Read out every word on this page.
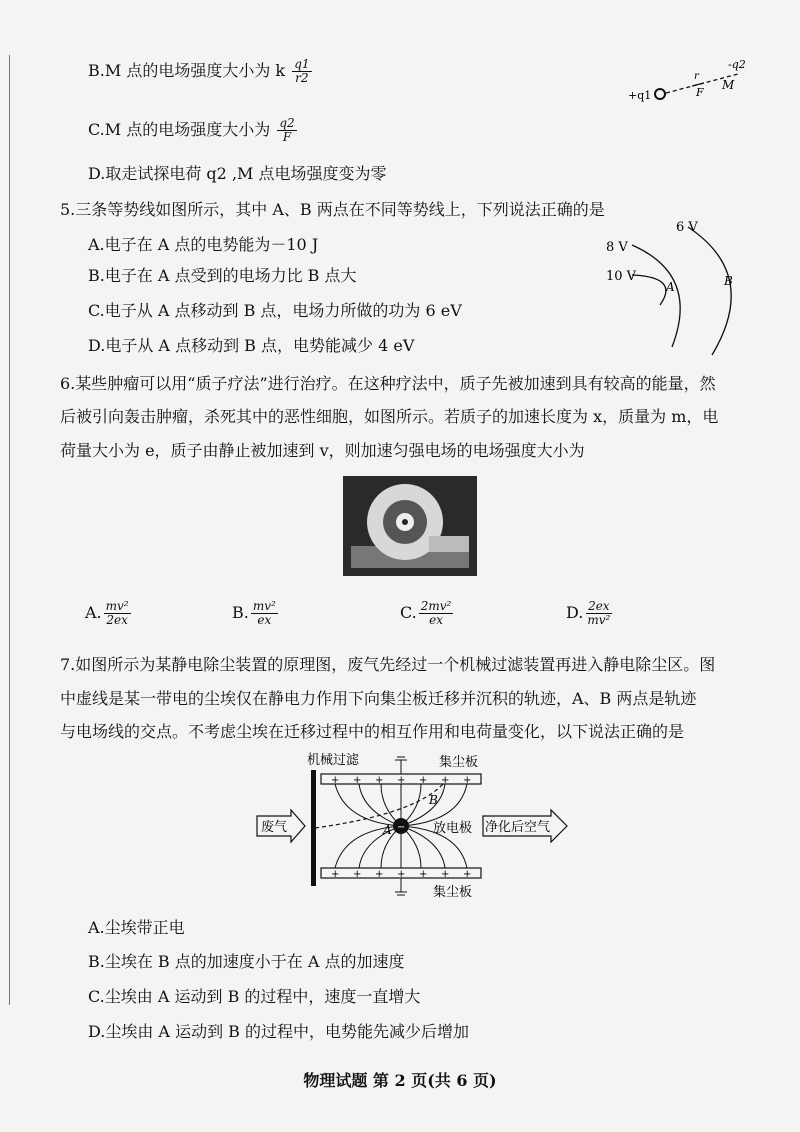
B.M 点的电场强度大小为 k $\frac{q1}{r2}$
C.M 点的电场强度大小为 $\frac{q2}{F}$
D.取走试探电荷 q2 ,M 点电场强度变为零
+q1
-q2
r
F
M
5.三条等势线如图所示，其中 A、B 两点在不同等势线上，下列说法正确的是
A.电子在 A 点的电势能为－10 J
B.电子在 A 点受到的电场力比 B 点大
C.电子从 A 点移动到 B 点，电场力所做的功为 6 eV
D.电子从 A 点移动到 B 点，电势能减少 4 eV
6 V
8 V
10 V
A	B
6.某些肿瘤可以用“质子疗法”进行治疗。在这种疗法中，质子先被加速到具有较高的能量，然
后被引向轰击肿瘤，杀死其中的恶性细胞，如图所示。若质子的加速长度为 x，质量为 m，电
荷量大小为 e，质子由静止被加速到 v，则加速匀强电场的电场强度大小为
A. $\frac{\text{mv²}}{2ex}$	B. $\frac{\text{mv²}}{ex}$	C. $\frac{\text{2mv²}}{ex}$	D. $\frac{2ex}{\text{mv²}}$
7.如图所示为某静电除尘装置的原理图，废气先经过一个机械过滤装置再进入静电除尘区。图
中虚线是某一带电的尘埃仅在静电力作用下向集尘板迁移并沉积的轨迹，A、B 两点是轨迹
与电场线的交点。不考虑尘埃在迁移过程中的相互作用和电荷量变化，以下说法正确的是
+ + + + + + +
+ + + + + + +
−
机械过滤	集尘板
集尘板
A
B
放电极
废气	净化后空气
A.尘埃带正电
B.尘埃在 B 点的加速度小于在 A 点的加速度
C.尘埃由 A 运动到 B 的过程中，速度一直增大
D.尘埃由 A 运动到 B 的过程中，电势能先减少后增加
物理试题 第 2 页(共 6 页)
